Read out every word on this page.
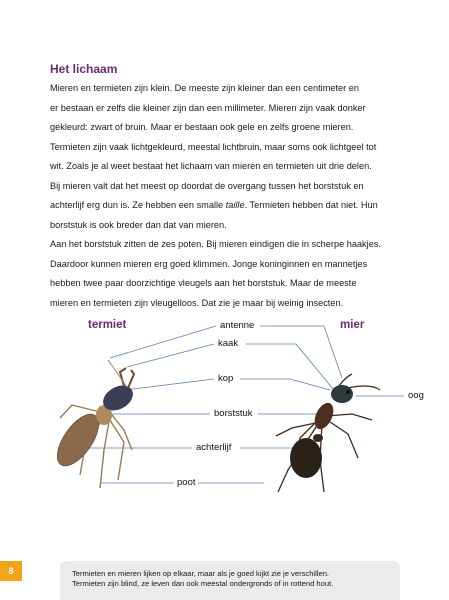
Het lichaam

Mieren en termieten zijn klein. De meeste zijn kleiner dan een centimeter en

er bestaan er zelfs die kleiner zijn dan een millimeter. Mieren zijn vaak donker

gekleurd: zwart of bruin. Maar er bestaan ook gele en zelfs groene mieren.

Termieten zijn vaak lichtgekleurd, meestal lichtbruin, maar soms ook lichtgeel tot

wit. Zoals je al weet bestaat het lichaam van mieren en termieten uit drie delen.

Bij mieren valt dat het meest op doordat de overgang tussen het borststuk en

achterlijf erg dun is. Ze hebben een smalle taille. Termieten hebben dat niet. Hun

borststuk is ook breder dan dat van mieren.

Aan het borststuk zitten de zes poten. Bij mieren eindigen die in scherpe haakjes.

Daardoor kunnen mieren erg goed klimmen. Jonge koninginnen en mannetjes

hebben twee paar doorzichtige vleugels aan het borststuk. Maar de meeste

mieren en termieten zijn vleugelloos. Dat zie je maar bij weinig insecten.

termiet	mier
antenne
kaak
kop
borststuk
achterlijf
poot
oog
8	Termieten en mieren lijken op elkaar, maar als je goed kijkt zie je verschillen.
Termieten zijn blind, ze leven dan ook meestal ondergronds of in rottend hout.
